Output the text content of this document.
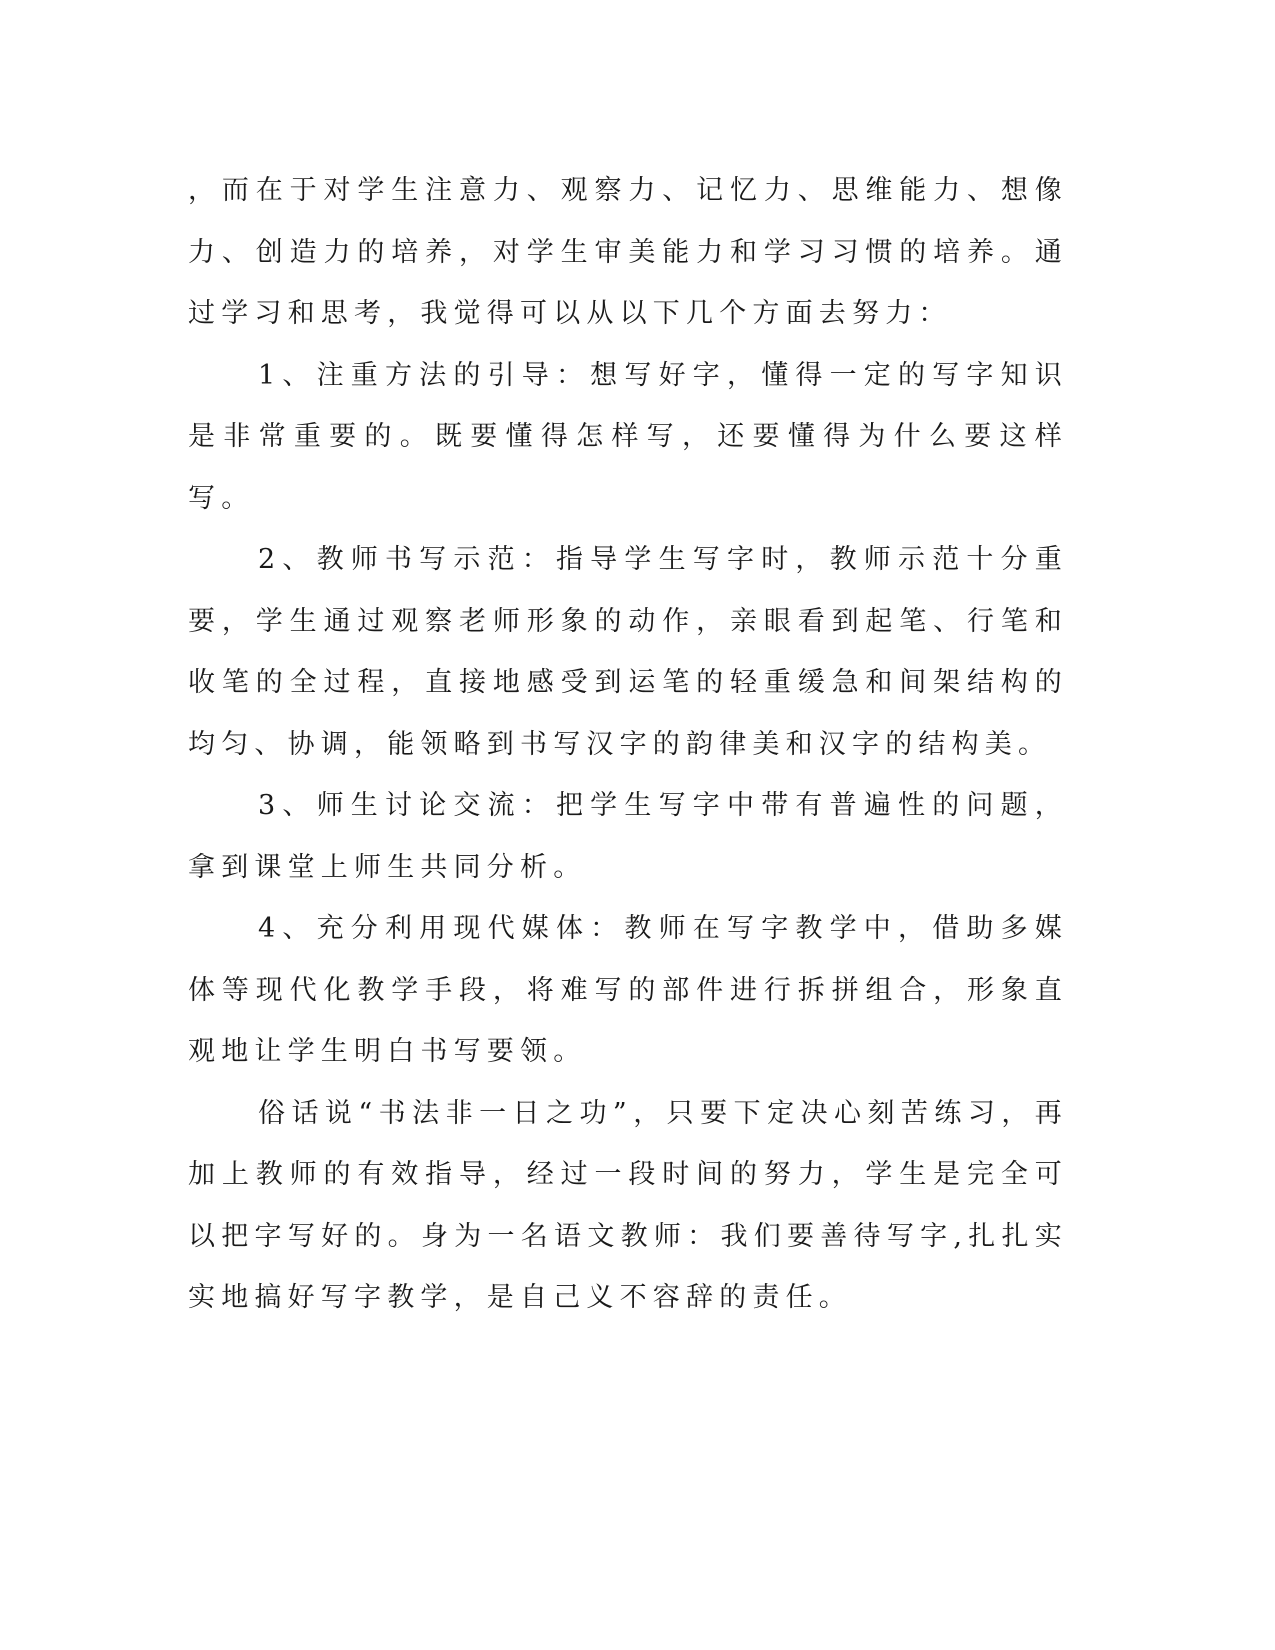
，而在于对学生注意力、观察力、记忆力、思维能力、想像力、创造力的培养，对学生审美能力和学习习惯的培养。通过学习和思考，我觉得可以从以下几个方面去努力：

1、注重方法的引导：想写好字，懂得一定的写字知识是非常重要的。既要懂得怎样写，还要懂得为什么要这样写。

2、教师书写示范：指导学生写字时，教师示范十分重要，学生通过观察老师形象的动作，亲眼看到起笔、行笔和收笔的全过程，直接地感受到运笔的轻重缓急和间架结构的均匀、协调，能领略到书写汉字的韵律美和汉字的结构美。

3、师生讨论交流：把学生写字中带有普遍性的问题，拿到课堂上师生共同分析。

4、充分利用现代媒体：教师在写字教学中，借助多媒体等现代化教学手段，将难写的部件进行拆拼组合，形象直观地让学生明白书写要领。

俗话说“书法非一日之功”，只要下定决心刻苦练习，再加上教师的有效指导，经过一段时间的努力，学生是完全可以把字写好的。身为一名语文教师：我们要善待写字,扎扎实实地搞好写字教学，是自己义不容辞的责任。
